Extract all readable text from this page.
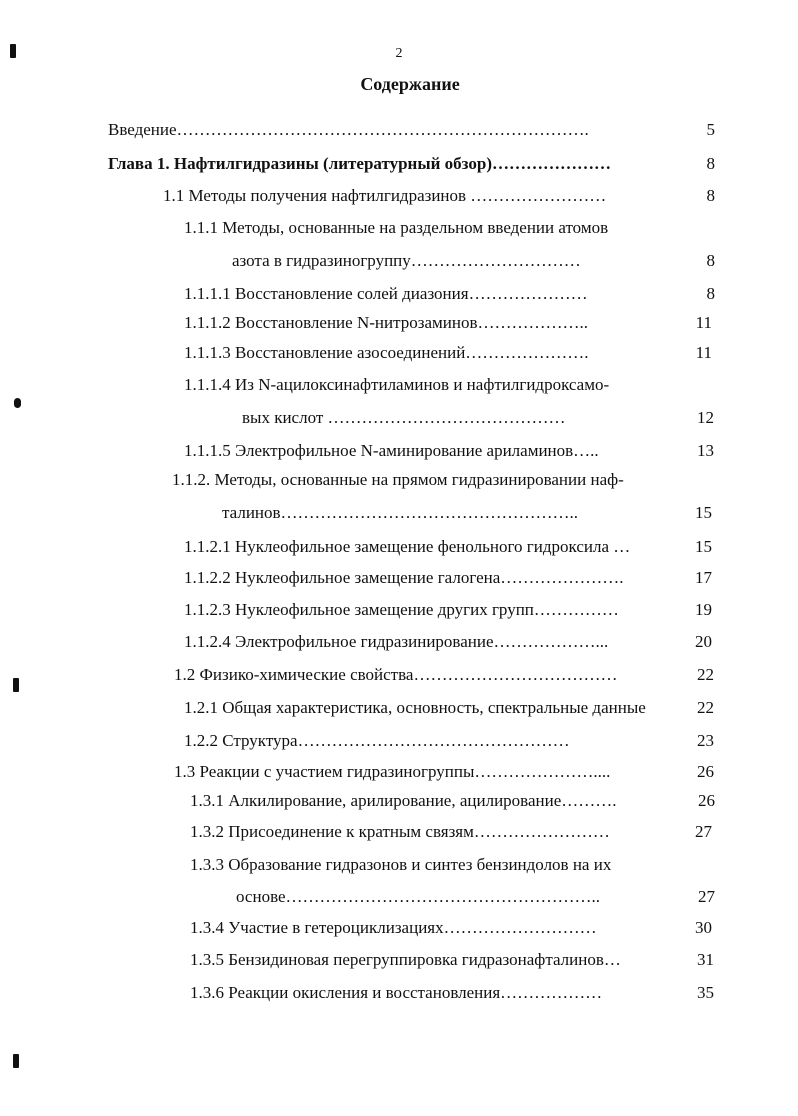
2
Содержание
Введение……………………………………………………………….	5
Глава 1. Нафтилгидразины (литературный обзор)…………………	8
1.1 Методы получения нафтилгидразинов ……………………	8
1.1.1 Методы, основанные на раздельном введении атомов
азота в гидразиногруппу…………………………	8
1.1.1.1 Восстановление солей диазония…………………	8
1.1.1.2 Восстановление N-нитрозаминов………………..	11
1.1.1.3 Восстановление азосоединений………………….	11
1.1.1.4 Из N-ацилоксинафтиламинов и нафтилгидроксамо-
вых кислот ……………………………………	12
1.1.1.5 Электрофильное N-аминирование ариламинов…..	13
1.1.2. Методы, основанные на прямом гидразинировании наф-
талинов……………………………………………..	15
1.1.2.1 Нуклеофильное замещение фенольного гидроксила …	15
1.1.2.2 Нуклеофильное замещение галогена………………….	17
1.1.2.3 Нуклеофильное замещение других групп……………	19
1.1.2.4 Электрофильное гидразинирование………………...	20
1.2 Физико-химические свойства………………………………	22
1.2.1 Общая характеристика, основность, спектральные данные	22
1.2.2 Структура…………………………………………	23
1.3 Реакции с участием гидразиногруппы…………………....	26
1.3.1 Алкилирование, арилирование, ацилирование……….	26
1.3.2 Присоединение к кратным связям……………………	27
1.3.3 Образование гидразонов и синтез бензиндолов на их
основе………………………………………………..	27
1.3.4 Участие в гетероциклизациях………………………	30
1.3.5 Бензидиновая перегруппировка гидразонафталинов…	31
1.3.6 Реакции окисления и восстановления………………	35
